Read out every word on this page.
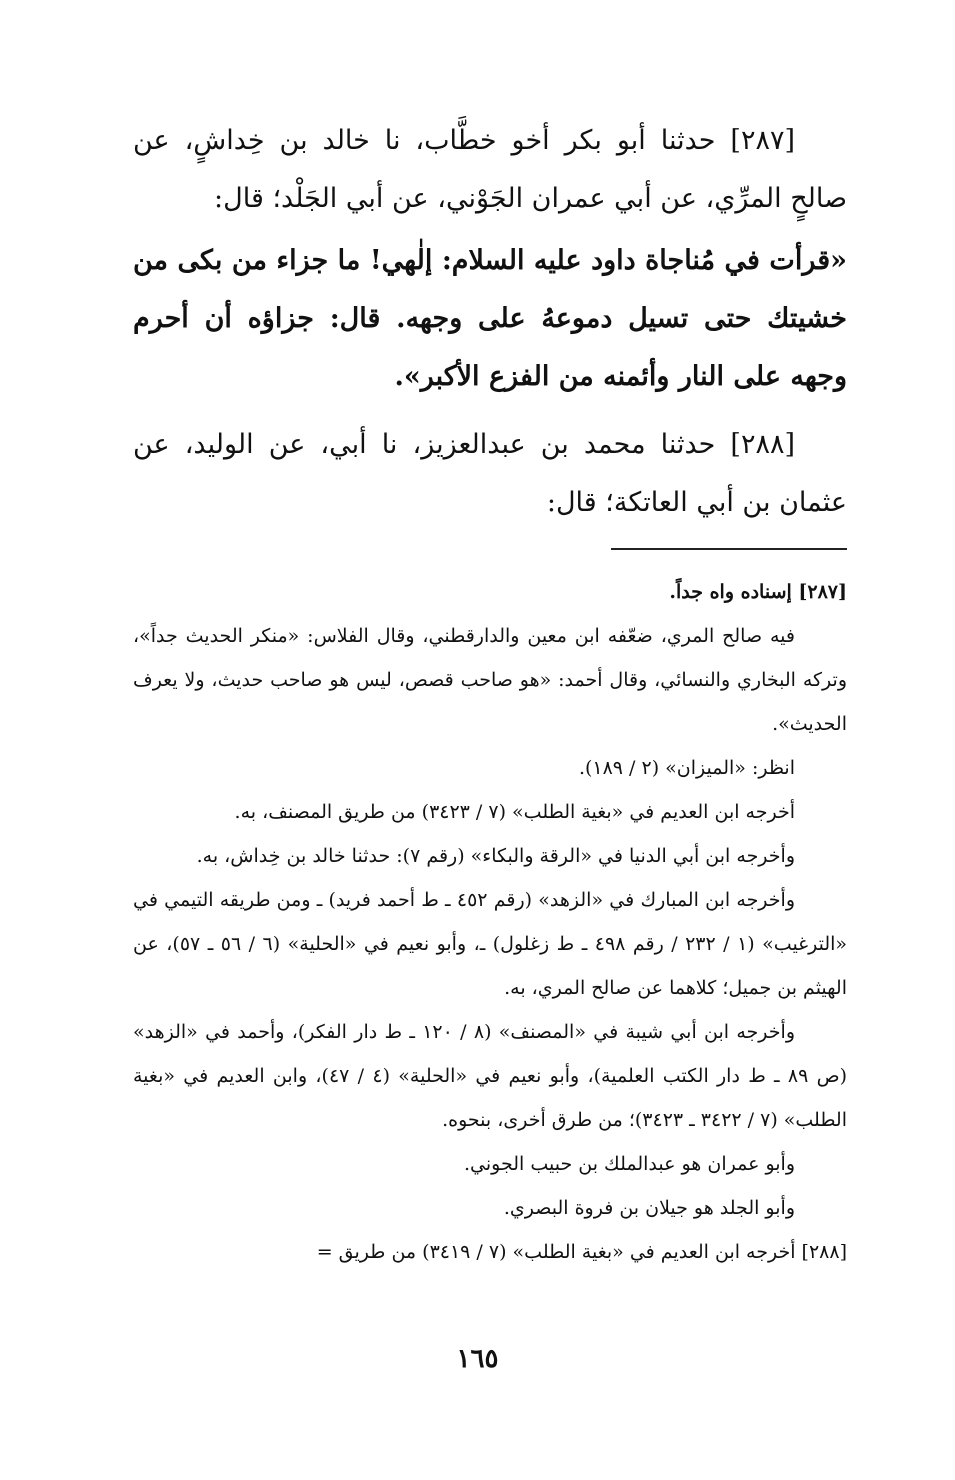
[٢٨٧] حدثنا أبو بكر أخو خطَّاب، نا خالد بن خِداشٍ، عن صالحٍ المرِّي، عن أبي عمران الجَوْني، عن أبي الجَلْد؛ قال:

«قرأت في مُناجاة داود عليه السلام: إلٰهي! ما جزاء من بكى من خشيتك حتى تسيل دموعهُ على وجهه. قال: جزاؤه أن أحرم وجهه على النار وأئمنه من الفزع الأكبر».

[٢٨٨] حدثنا محمد بن عبدالعزيز، نا أبي، عن الوليد، عن عثمان بن أبي العاتكة؛ قال:

[٢٨٧] إسناده واه جداً.

فيه صالح المري، ضعّفه ابن معين والدارقطني، وقال الفلاس: «منكر الحديث جداً»، وتركه البخاري والنسائي، وقال أحمد: «هو صاحب قصص، ليس هو صاحب حديث، ولا يعرف الحديث».

انظر: «الميزان» (٢ / ١٨٩).

أخرجه ابن العديم في «بغية الطلب» (٧ / ٣٤٢٣) من طريق المصنف، به.

وأخرجه ابن أبي الدنيا في «الرقة والبكاء» (رقم ٧): حدثنا خالد بن خِداش، به.

وأخرجه ابن المبارك في «الزهد» (رقم ٤٥٢ ـ ط أحمد فريد) ـ ومن طريقه التيمي في «الترغيب» (١ / ٢٣٢ / رقم ٤٩٨ ـ ط زغلول) ـ، وأبو نعيم في «الحلية» (٦ / ٥٦ ـ ٥٧)، عن الهيثم بن جميل؛ كلاهما عن صالح المري، به.

وأخرجه ابن أبي شيبة في «المصنف» (٨ / ١٢٠ ـ ط دار الفكر)، وأحمد في «الزهد» (ص ٨٩ ـ ط دار الكتب العلمية)، وأبو نعيم في «الحلية» (٤ / ٤٧)، وابن العديم في «بغية الطلب» (٧ / ٣٤٢٢ ـ ٣٤٢٣)؛ من طرق أخرى، بنحوه.

وأبو عمران هو عبدالملك بن حبيب الجوني.

وأبو الجلد هو جيلان بن فروة البصري.

[٢٨٨] أخرجه ابن العديم في «بغية الطلب» (٧ / ٣٤١٩) من طريق =

١٦٥
